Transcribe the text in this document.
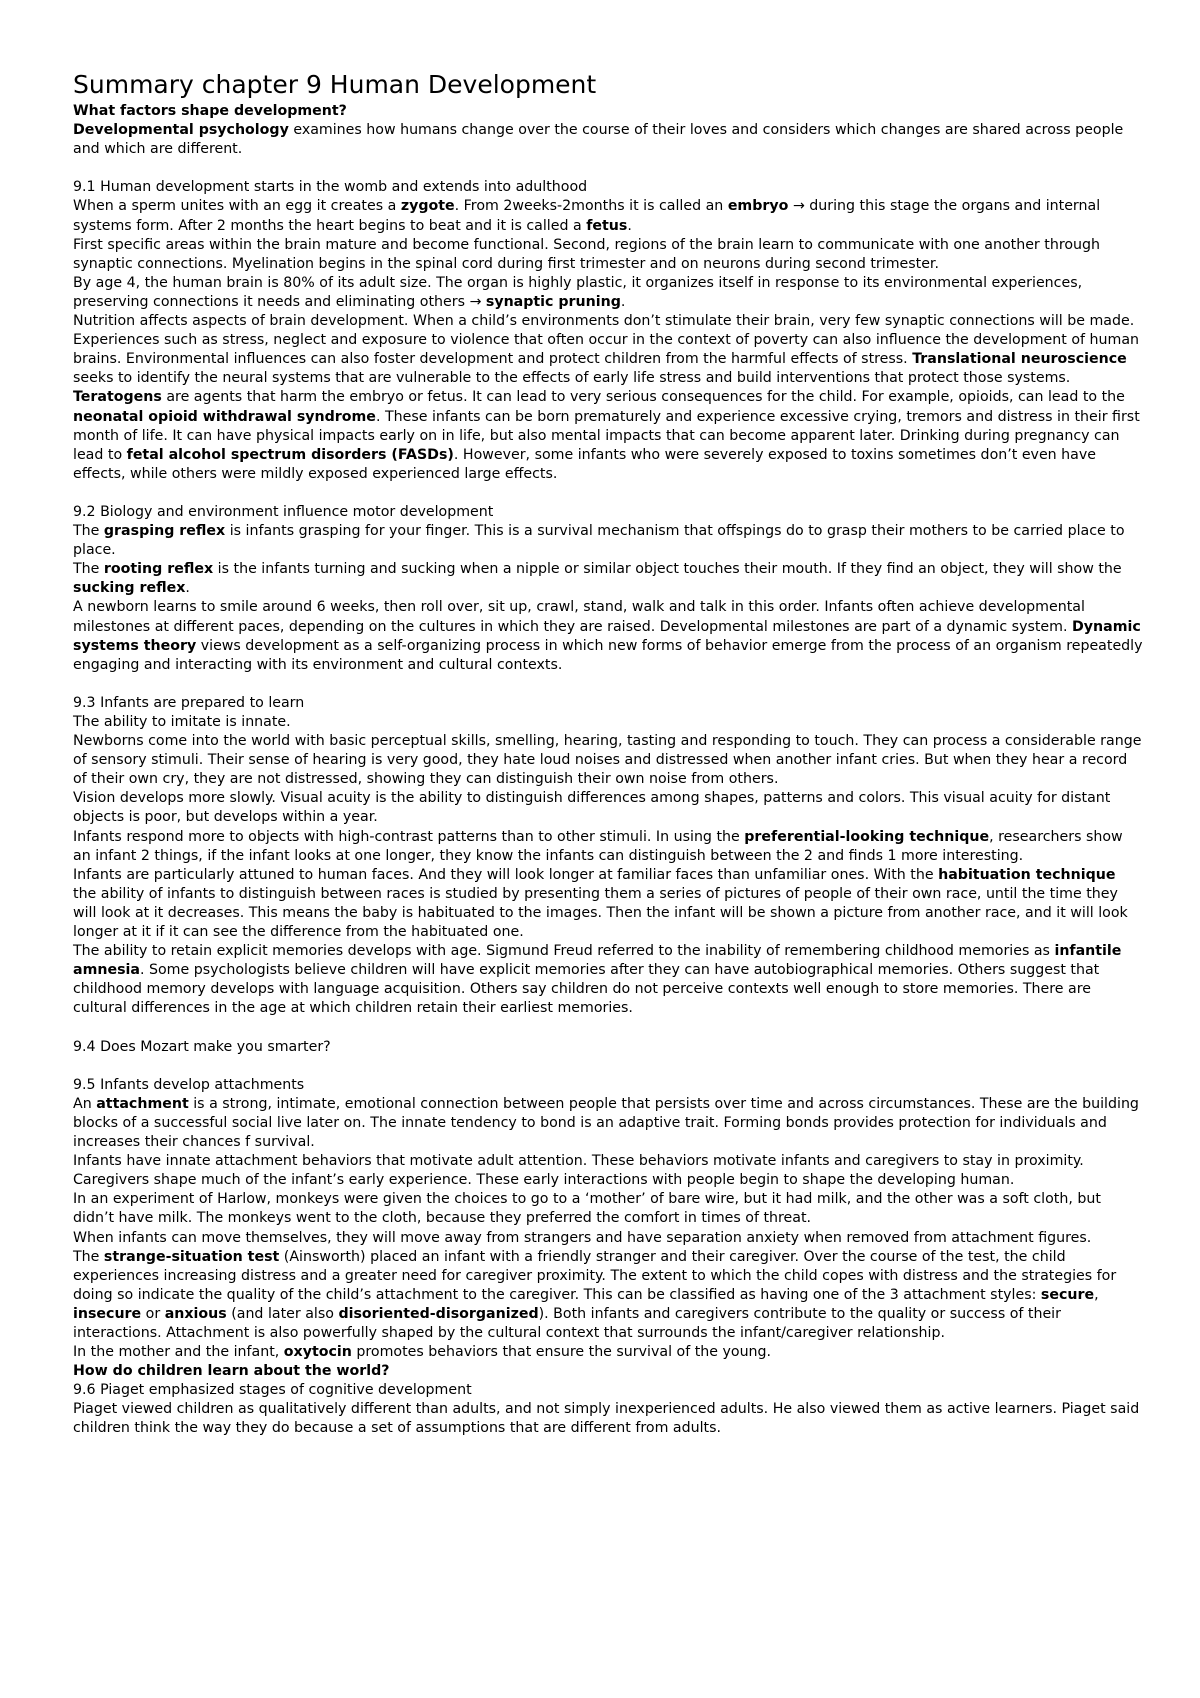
Summary chapter 9 Human Development

What factors shape development?

Developmental psychology examines how humans change over the course of their loves and considers which changes are shared across people and which are different.

9.1 Human development starts in the womb and extends into adulthood

When a sperm unites with an egg it creates a zygote. From 2weeks-2months it is called an embryo → during this stage the organs and internal systems form. After 2 months the heart begins to beat and it is called a fetus.

First specific areas within the brain mature and become functional. Second, regions of the brain learn to communicate with one another through synaptic connections. Myelination begins in the spinal cord during first trimester and on neurons during second trimester.

By age 4, the human brain is 80% of its adult size. The organ is highly plastic, it organizes itself in response to its environmental experiences, preserving connections it needs and eliminating others → synaptic pruning.

Nutrition affects aspects of brain development. When a child’s environments don’t stimulate their brain, very few synaptic connections will be made.

Experiences such as stress, neglect and exposure to violence that often occur in the context of poverty can also influence the development of human brains. Environmental influences can also foster development and protect children from the harmful effects of stress. Translational neuroscience seeks to identify the neural systems that are vulnerable to the effects of early life stress and build interventions that protect those systems.

Teratogens are agents that harm the embryo or fetus. It can lead to very serious consequences for the child. For example, opioids, can lead to the neonatal opioid withdrawal syndrome. These infants can be born prematurely and experience excessive crying, tremors and distress in their first month of life. It can have physical impacts early on in life, but also mental impacts that can become apparent later. Drinking during pregnancy can lead to fetal alcohol spectrum disorders (FASDs). However, some infants who were severely exposed to toxins sometimes don’t even have effects, while others were mildly exposed experienced large effects.

9.2 Biology and environment influence motor development

The grasping reflex is infants grasping for your finger. This is a survival mechanism that offspings do to grasp their mothers to be carried place to place.

The rooting reflex is the infants turning and sucking when a nipple or similar object touches their mouth. If they find an object, they will show the sucking reflex.

A newborn learns to smile around 6 weeks, then roll over, sit up, crawl, stand, walk and talk in this order. Infants often achieve developmental milestones at different paces, depending on the cultures in which they are raised. Developmental milestones are part of a dynamic system. Dynamic systems theory views development as a self-organizing process in which new forms of behavior emerge from the process of an organism repeatedly engaging and interacting with its environment and cultural contexts.

9.3 Infants are prepared to learn

The ability to imitate is innate.

Newborns come into the world with basic perceptual skills, smelling, hearing, tasting and responding to touch. They can process a considerable range of sensory stimuli. Their sense of hearing is very good, they hate loud noises and distressed when another infant cries. But when they hear a record of their own cry, they are not distressed, showing they can distinguish their own noise from others.

Vision develops more slowly. Visual acuity is the ability to distinguish differences among shapes, patterns and colors. This visual acuity for distant objects is poor, but develops within a year.

Infants respond more to objects with high-contrast patterns than to other stimuli. In using the preferential-looking technique, researchers show an infant 2 things, if the infant looks at one longer, they know the infants can distinguish between the 2 and finds 1 more interesting.

Infants are particularly attuned to human faces. And they will look longer at familiar faces than unfamiliar ones. With the habituation technique the ability of infants to distinguish between races is studied by presenting them a series of pictures of people of their own race, until the time they will look at it decreases. This means the baby is habituated to the images. Then the infant will be shown a picture from another race, and it will look longer at it if it can see the difference from the habituated one.

The ability to retain explicit memories develops with age. Sigmund Freud referred to the inability of remembering childhood memories as infantile amnesia. Some psychologists believe children will have explicit memories after they can have autobiographical memories. Others suggest that childhood memory develops with language acquisition. Others say children do not perceive contexts well enough to store memories. There are cultural differences in the age at which children retain their earliest memories.

9.4 Does Mozart make you smarter?

9.5 Infants develop attachments

An attachment is a strong, intimate, emotional connection between people that persists over time and across circumstances. These are the building blocks of a successful social live later on. The innate tendency to bond is an adaptive trait. Forming bonds provides protection for individuals and increases their chances f survival.

Infants have innate attachment behaviors that motivate adult attention. These behaviors motivate infants and caregivers to stay in proximity. Caregivers shape much of the infant’s early experience. These early interactions with people begin to shape the developing human.

In an experiment of Harlow, monkeys were given the choices to go to a ‘mother’ of bare wire, but it had milk, and the other was a soft cloth, but didn’t have milk. The monkeys went to the cloth, because they preferred the comfort in times of threat.

When infants can move themselves, they will move away from strangers and have separation anxiety when removed from attachment figures.

The strange-situation test (Ainsworth) placed an infant with a friendly stranger and their caregiver. Over the course of the test, the child experiences increasing distress and a greater need for caregiver proximity. The extent to which the child copes with distress and the strategies for doing so indicate the quality of the child’s attachment to the caregiver. This can be classified as having one of the 3 attachment styles: secure, insecure or anxious (and later also disoriented-disorganized). Both infants and caregivers contribute to the quality or success of their interactions. Attachment is also powerfully shaped by the cultural context that surrounds the infant/caregiver relationship.

In the mother and the infant, oxytocin promotes behaviors that ensure the survival of the young.

How do children learn about the world?

9.6 Piaget emphasized stages of cognitive development

Piaget viewed children as qualitatively different than adults, and not simply inexperienced adults. He also viewed them as active learners. Piaget said children think the way they do because a set of assumptions that are different from adults.
